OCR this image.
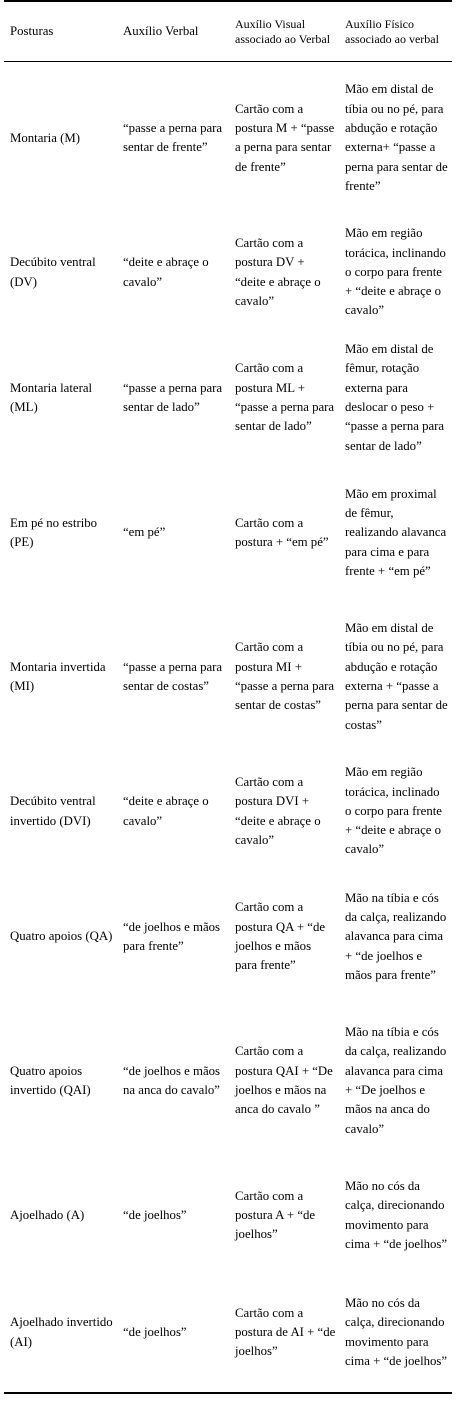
Posturas	Auxílio Verbal	Auxílio Visual associado ao Verbal	Auxílio Físico associado ao verbal
Montaria (M)	“passe a perna para sentar de frente”	Cartão com a postura M + “passe a perna para sentar de frente”	Mão em distal de tíbia ou no pé, para abdução e rotação externa+ “passe a perna para sentar de frente”
Decúbito ventral (DV)	“deite e abraçe o cavalo”	Cartão com a postura DV + “deite e abraçe o cavalo”	Mão em região torácica, inclinando o corpo para frente + “deite e abraçe o cavalo”
Montaria lateral (ML)	“passe a perna para sentar de lado”	Cartão com a postura ML + “passe a perna para sentar de lado”	Mão em distal de fêmur, rotação externa para deslocar o peso + “passe a perna para sentar de lado”
Em pé no estribo (PE)	“em pé”	Cartão com a postura + “em pé”	Mão em proximal de fêmur, realizando alavanca para cima e para frente + “em pé”
Montaria invertida (MI)	“passe a perna para sentar de costas”	Cartão com a postura MI + “passe a perna para sentar de costas”	Mão em distal de tíbia ou no pé, para abdução e rotação externa + “passe a perna para sentar de costas”
Decúbito ventral invertido (DVI)	“deite e abraçe o cavalo”	Cartão com a postura DVI + “deite e abraçe o cavalo”	Mão em região torácica, inclinado o corpo para frente + “deite e abraçe o cavalo”
Quatro apoios (QA)	“de joelhos e mãos para frente”	Cartão com a postura QA + “de joelhos e mãos para frente”	Mão na tíbia e cós da calça, realizando alavanca para cima + “de joelhos e mãos para frente”
Quatro apoios invertido (QAI)	“de joelhos e mãos na anca do cavalo”	Cartão com a postura QAI + “De joelhos e mãos na anca do cavalo ”	Mão na tíbia e cós da calça, realizando alavanca para cima + “De joelhos e mãos na anca do cavalo”
Ajoelhado (A)	“de joelhos”	Cartão com a postura A + “de joelhos”	Mão no cós da calça, direcionando movimento para cima + “de joelhos”
Ajoelhado invertido (AI)	“de joelhos”	Cartão com a postura de AI + “de joelhos”	Mão no cós da calça, direcionando movimento para cima + “de joelhos”
